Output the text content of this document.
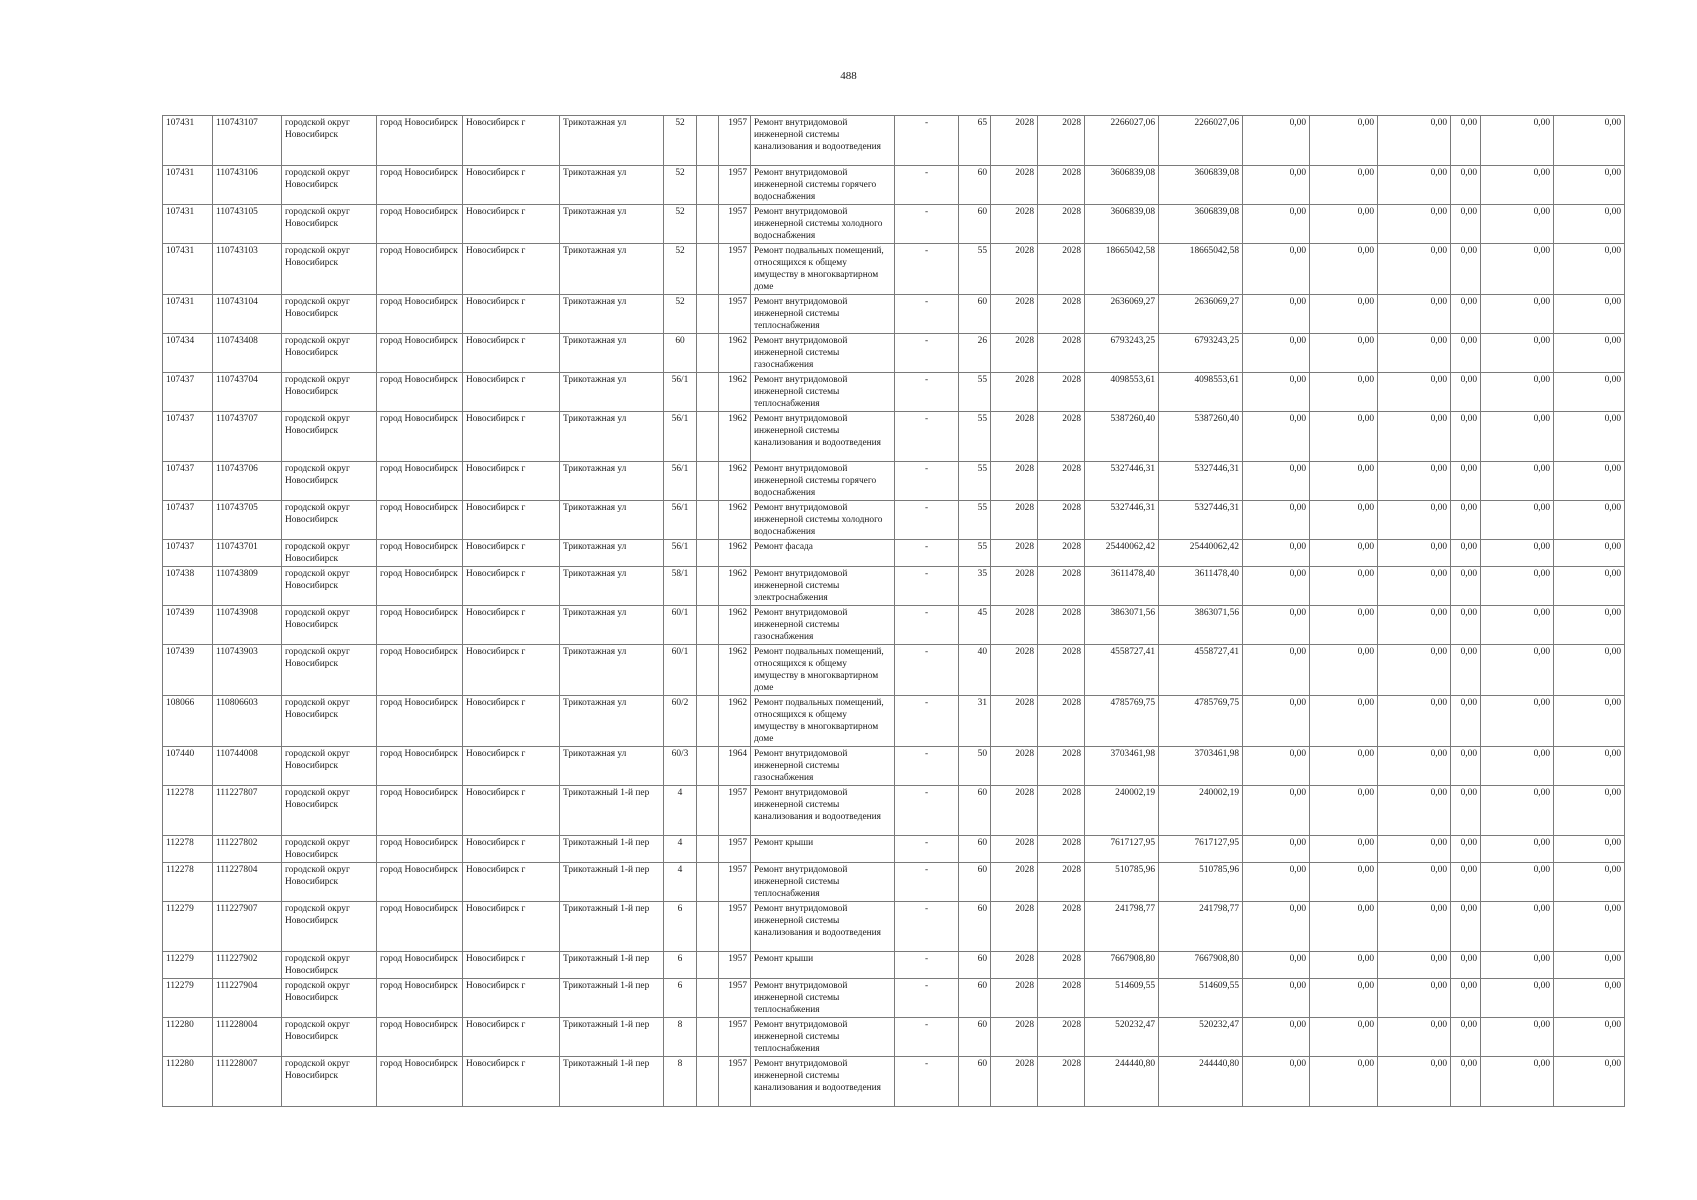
488
107431	110743107	городской округ Новосибирск	город Новосибирск	Новосибирск г	Трикотажная ул	52		1957	Ремонт внутридомовой инженерной системы канализования и водоотведения	-	65	2028	2028	2266027,06	2266027,06	0,00	0,00	0,00	0,00	0,00	0,00
107431	110743106	городской округ Новосибирск	город Новосибирск	Новосибирск г	Трикотажная ул	52		1957	Ремонт внутридомовой инженерной системы горячего водоснабжения	-	60	2028	2028	3606839,08	3606839,08	0,00	0,00	0,00	0,00	0,00	0,00
107431	110743105	городской округ Новосибирск	город Новосибирск	Новосибирск г	Трикотажная ул	52		1957	Ремонт внутридомовой инженерной системы холодного водоснабжения	-	60	2028	2028	3606839,08	3606839,08	0,00	0,00	0,00	0,00	0,00	0,00
107431	110743103	городской округ Новосибирск	город Новосибирск	Новосибирск г	Трикотажная ул	52		1957	Ремонт подвальных помещений, относящихся к общему имуществу в многоквартирном доме	-	55	2028	2028	18665042,58	18665042,58	0,00	0,00	0,00	0,00	0,00	0,00
107431	110743104	городской округ Новосибирск	город Новосибирск	Новосибирск г	Трикотажная ул	52		1957	Ремонт внутридомовой инженерной системы теплоснабжения	-	60	2028	2028	2636069,27	2636069,27	0,00	0,00	0,00	0,00	0,00	0,00
107434	110743408	городской округ Новосибирск	город Новосибирск	Новосибирск г	Трикотажная ул	60		1962	Ремонт внутридомовой инженерной системы газоснабжения	-	26	2028	2028	6793243,25	6793243,25	0,00	0,00	0,00	0,00	0,00	0,00
107437	110743704	городской округ Новосибирск	город Новосибирск	Новосибирск г	Трикотажная ул	56/1		1962	Ремонт внутридомовой инженерной системы теплоснабжения	-	55	2028	2028	4098553,61	4098553,61	0,00	0,00	0,00	0,00	0,00	0,00
107437	110743707	городской округ Новосибирск	город Новосибирск	Новосибирск г	Трикотажная ул	56/1		1962	Ремонт внутридомовой инженерной системы канализования и водоотведения	-	55	2028	2028	5387260,40	5387260,40	0,00	0,00	0,00	0,00	0,00	0,00
107437	110743706	городской округ Новосибирск	город Новосибирск	Новосибирск г	Трикотажная ул	56/1		1962	Ремонт внутридомовой инженерной системы горячего водоснабжения	-	55	2028	2028	5327446,31	5327446,31	0,00	0,00	0,00	0,00	0,00	0,00
107437	110743705	городской округ Новосибирск	город Новосибирск	Новосибирск г	Трикотажная ул	56/1		1962	Ремонт внутридомовой инженерной системы холодного водоснабжения	-	55	2028	2028	5327446,31	5327446,31	0,00	0,00	0,00	0,00	0,00	0,00
107437	110743701	городской округ Новосибирск	город Новосибирск	Новосибирск г	Трикотажная ул	56/1		1962	Ремонт фасада	-	55	2028	2028	25440062,42	25440062,42	0,00	0,00	0,00	0,00	0,00	0,00
107438	110743809	городской округ Новосибирск	город Новосибирск	Новосибирск г	Трикотажная ул	58/1		1962	Ремонт внутридомовой инженерной системы электроснабжения	-	35	2028	2028	3611478,40	3611478,40	0,00	0,00	0,00	0,00	0,00	0,00
107439	110743908	городской округ Новосибирск	город Новосибирск	Новосибирск г	Трикотажная ул	60/1		1962	Ремонт внутридомовой инженерной системы газоснабжения	-	45	2028	2028	3863071,56	3863071,56	0,00	0,00	0,00	0,00	0,00	0,00
107439	110743903	городской округ Новосибирск	город Новосибирск	Новосибирск г	Трикотажная ул	60/1		1962	Ремонт подвальных помещений, относящихся к общему имуществу в многоквартирном доме	-	40	2028	2028	4558727,41	4558727,41	0,00	0,00	0,00	0,00	0,00	0,00
108066	110806603	городской округ Новосибирск	город Новосибирск	Новосибирск г	Трикотажная ул	60/2		1962	Ремонт подвальных помещений, относящихся к общему имуществу в многоквартирном доме	-	31	2028	2028	4785769,75	4785769,75	0,00	0,00	0,00	0,00	0,00	0,00
107440	110744008	городской округ Новосибирск	город Новосибирск	Новосибирск г	Трикотажная ул	60/3		1964	Ремонт внутридомовой инженерной системы газоснабжения	-	50	2028	2028	3703461,98	3703461,98	0,00	0,00	0,00	0,00	0,00	0,00
112278	111227807	городской округ Новосибирск	город Новосибирск	Новосибирск г	Трикотажный 1-й пер	4		1957	Ремонт внутридомовой инженерной системы канализования и водоотведения	-	60	2028	2028	240002,19	240002,19	0,00	0,00	0,00	0,00	0,00	0,00
112278	111227802	городской округ Новосибирск	город Новосибирск	Новосибирск г	Трикотажный 1-й пер	4		1957	Ремонт крыши	-	60	2028	2028	7617127,95	7617127,95	0,00	0,00	0,00	0,00	0,00	0,00
112278	111227804	городской округ Новосибирск	город Новосибирск	Новосибирск г	Трикотажный 1-й пер	4		1957	Ремонт внутридомовой инженерной системы теплоснабжения	-	60	2028	2028	510785,96	510785,96	0,00	0,00	0,00	0,00	0,00	0,00
112279	111227907	городской округ Новосибирск	город Новосибирск	Новосибирск г	Трикотажный 1-й пер	6		1957	Ремонт внутридомовой инженерной системы канализования и водоотведения	-	60	2028	2028	241798,77	241798,77	0,00	0,00	0,00	0,00	0,00	0,00
112279	111227902	городской округ Новосибирск	город Новосибирск	Новосибирск г	Трикотажный 1-й пер	6		1957	Ремонт крыши	-	60	2028	2028	7667908,80	7667908,80	0,00	0,00	0,00	0,00	0,00	0,00
112279	111227904	городской округ Новосибирск	город Новосибирск	Новосибирск г	Трикотажный 1-й пер	6		1957	Ремонт внутридомовой инженерной системы теплоснабжения	-	60	2028	2028	514609,55	514609,55	0,00	0,00	0,00	0,00	0,00	0,00
112280	111228004	городской округ Новосибирск	город Новосибирск	Новосибирск г	Трикотажный 1-й пер	8		1957	Ремонт внутридомовой инженерной системы теплоснабжения	-	60	2028	2028	520232,47	520232,47	0,00	0,00	0,00	0,00	0,00	0,00
112280	111228007	городской округ Новосибирск	город Новосибирск	Новосибирск г	Трикотажный 1-й пер	8		1957	Ремонт внутридомовой инженерной системы канализования и водоотведения	-	60	2028	2028	244440,80	244440,80	0,00	0,00	0,00	0,00	0,00	0,00
